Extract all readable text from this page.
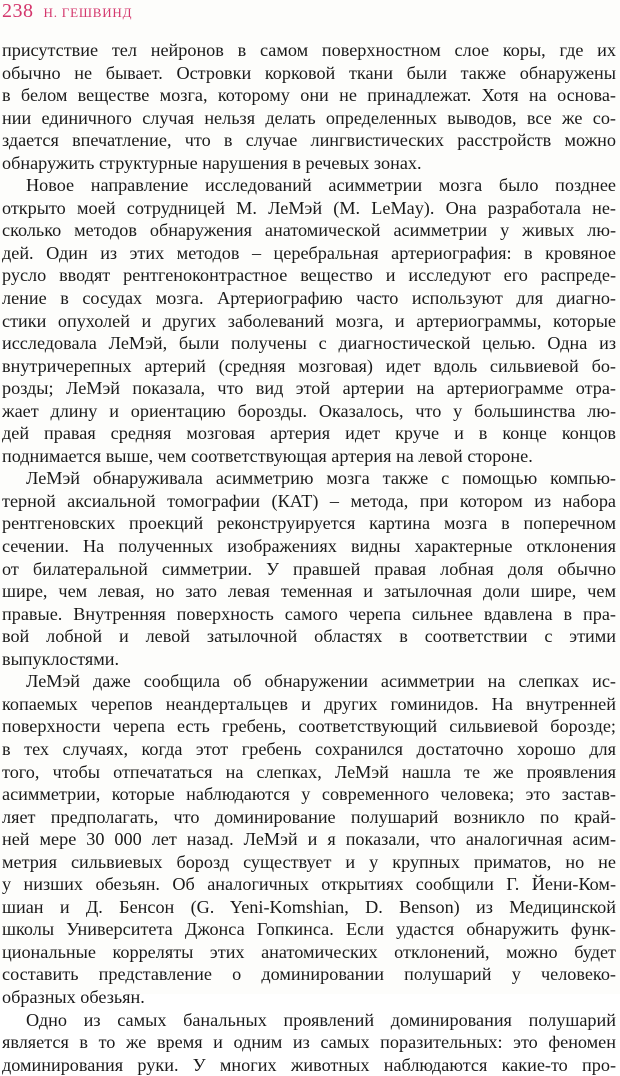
238 Н. ГЕШВИНД
присутствие тел нейронов в самом поверхностном слое коры, где их
обычно не бывает. Островки корковой ткани были также обнаружены
в белом веществе мозга, которому они не принадлежат. Хотя на основа-
нии единичного случая нельзя делать определенных выводов, все же со-
здается впечатление, что в случае лингвистических расстройств можно
обнаружить структурные нарушения в речевых зонах.
Новое направление исследований асимметрии мозга было позднее
открыто моей сотрудницей М. ЛеМэй (M. LeMay). Она разработала не-
сколько методов обнаружения анатомической асимметрии у живых лю-
дей. Один из этих методов – церебральная артериография: в кровяное
русло вводят рентгеноконтрастное вещество и исследуют его распреде-
ление в сосудах мозга. Артериографию часто используют для диагно-
стики опухолей и других заболеваний мозга, и артериограммы, которые
исследовала ЛеМэй, были получены с диагностической целью. Одна из
внутричерепных артерий (средняя мозговая) идет вдоль сильвиевой бо-
розды; ЛеМэй показала, что вид этой артерии на артериограмме отра-
жает длину и ориентацию борозды. Оказалось, что у большинства лю-
дей правая средняя мозговая артерия идет круче и в конце концов
поднимается выше, чем соответствующая артерия на левой стороне.
ЛеМэй обнаруживала асимметрию мозга также с помощью компью-
терной аксиальной томографии (КАТ) – метода, при котором из набора
рентгеновских проекций реконструируется картина мозга в поперечном
сечении. На полученных изображениях видны характерные отклонения
от билатеральной симметрии. У правшей правая лобная доля обычно
шире, чем левая, но зато левая теменная и затылочная доли шире, чем
правые. Внутренняя поверхность самого черепа сильнее вдавлена в пра-
вой лобной и левой затылочной областях в соответствии с этими
выпуклостями.
ЛеМэй даже сообщила об обнаружении асимметрии на слепках ис-
копаемых черепов неандертальцев и других гоминидов. На внутренней
поверхности черепа есть гребень, соответствующий сильвиевой борозде;
в тех случаях, когда этот гребень сохранился достаточно хорошо для
того, чтобы отпечататься на слепках, ЛеМэй нашла те же проявления
асимметрии, которые наблюдаются у современного человека; это застав-
ляет предполагать, что доминирование полушарий возникло по край-
ней мере 30 000 лет назад. ЛеМэй и я показали, что аналогичная асим-
метрия сильвиевых борозд существует и у крупных приматов, но не
у низших обезьян. Об аналогичных открытиях сообщили Г. Йени-Ком-
шиан и Д. Бенсон (G. Yeni-Komshian, D. Benson) из Медицинской
школы Университета Джонса Гопкинса. Если удастся обнаружить функ-
циональные корреляты этих анатомических отклонений, можно будет
составить представление о доминировании полушарий у человеко-
образных обезьян.
Одно из самых банальных проявлений доминирования полушарий
является в то же время и одним из самых поразительных: это феномен
доминирования руки. У многих животных наблюдаются какие-то про-
